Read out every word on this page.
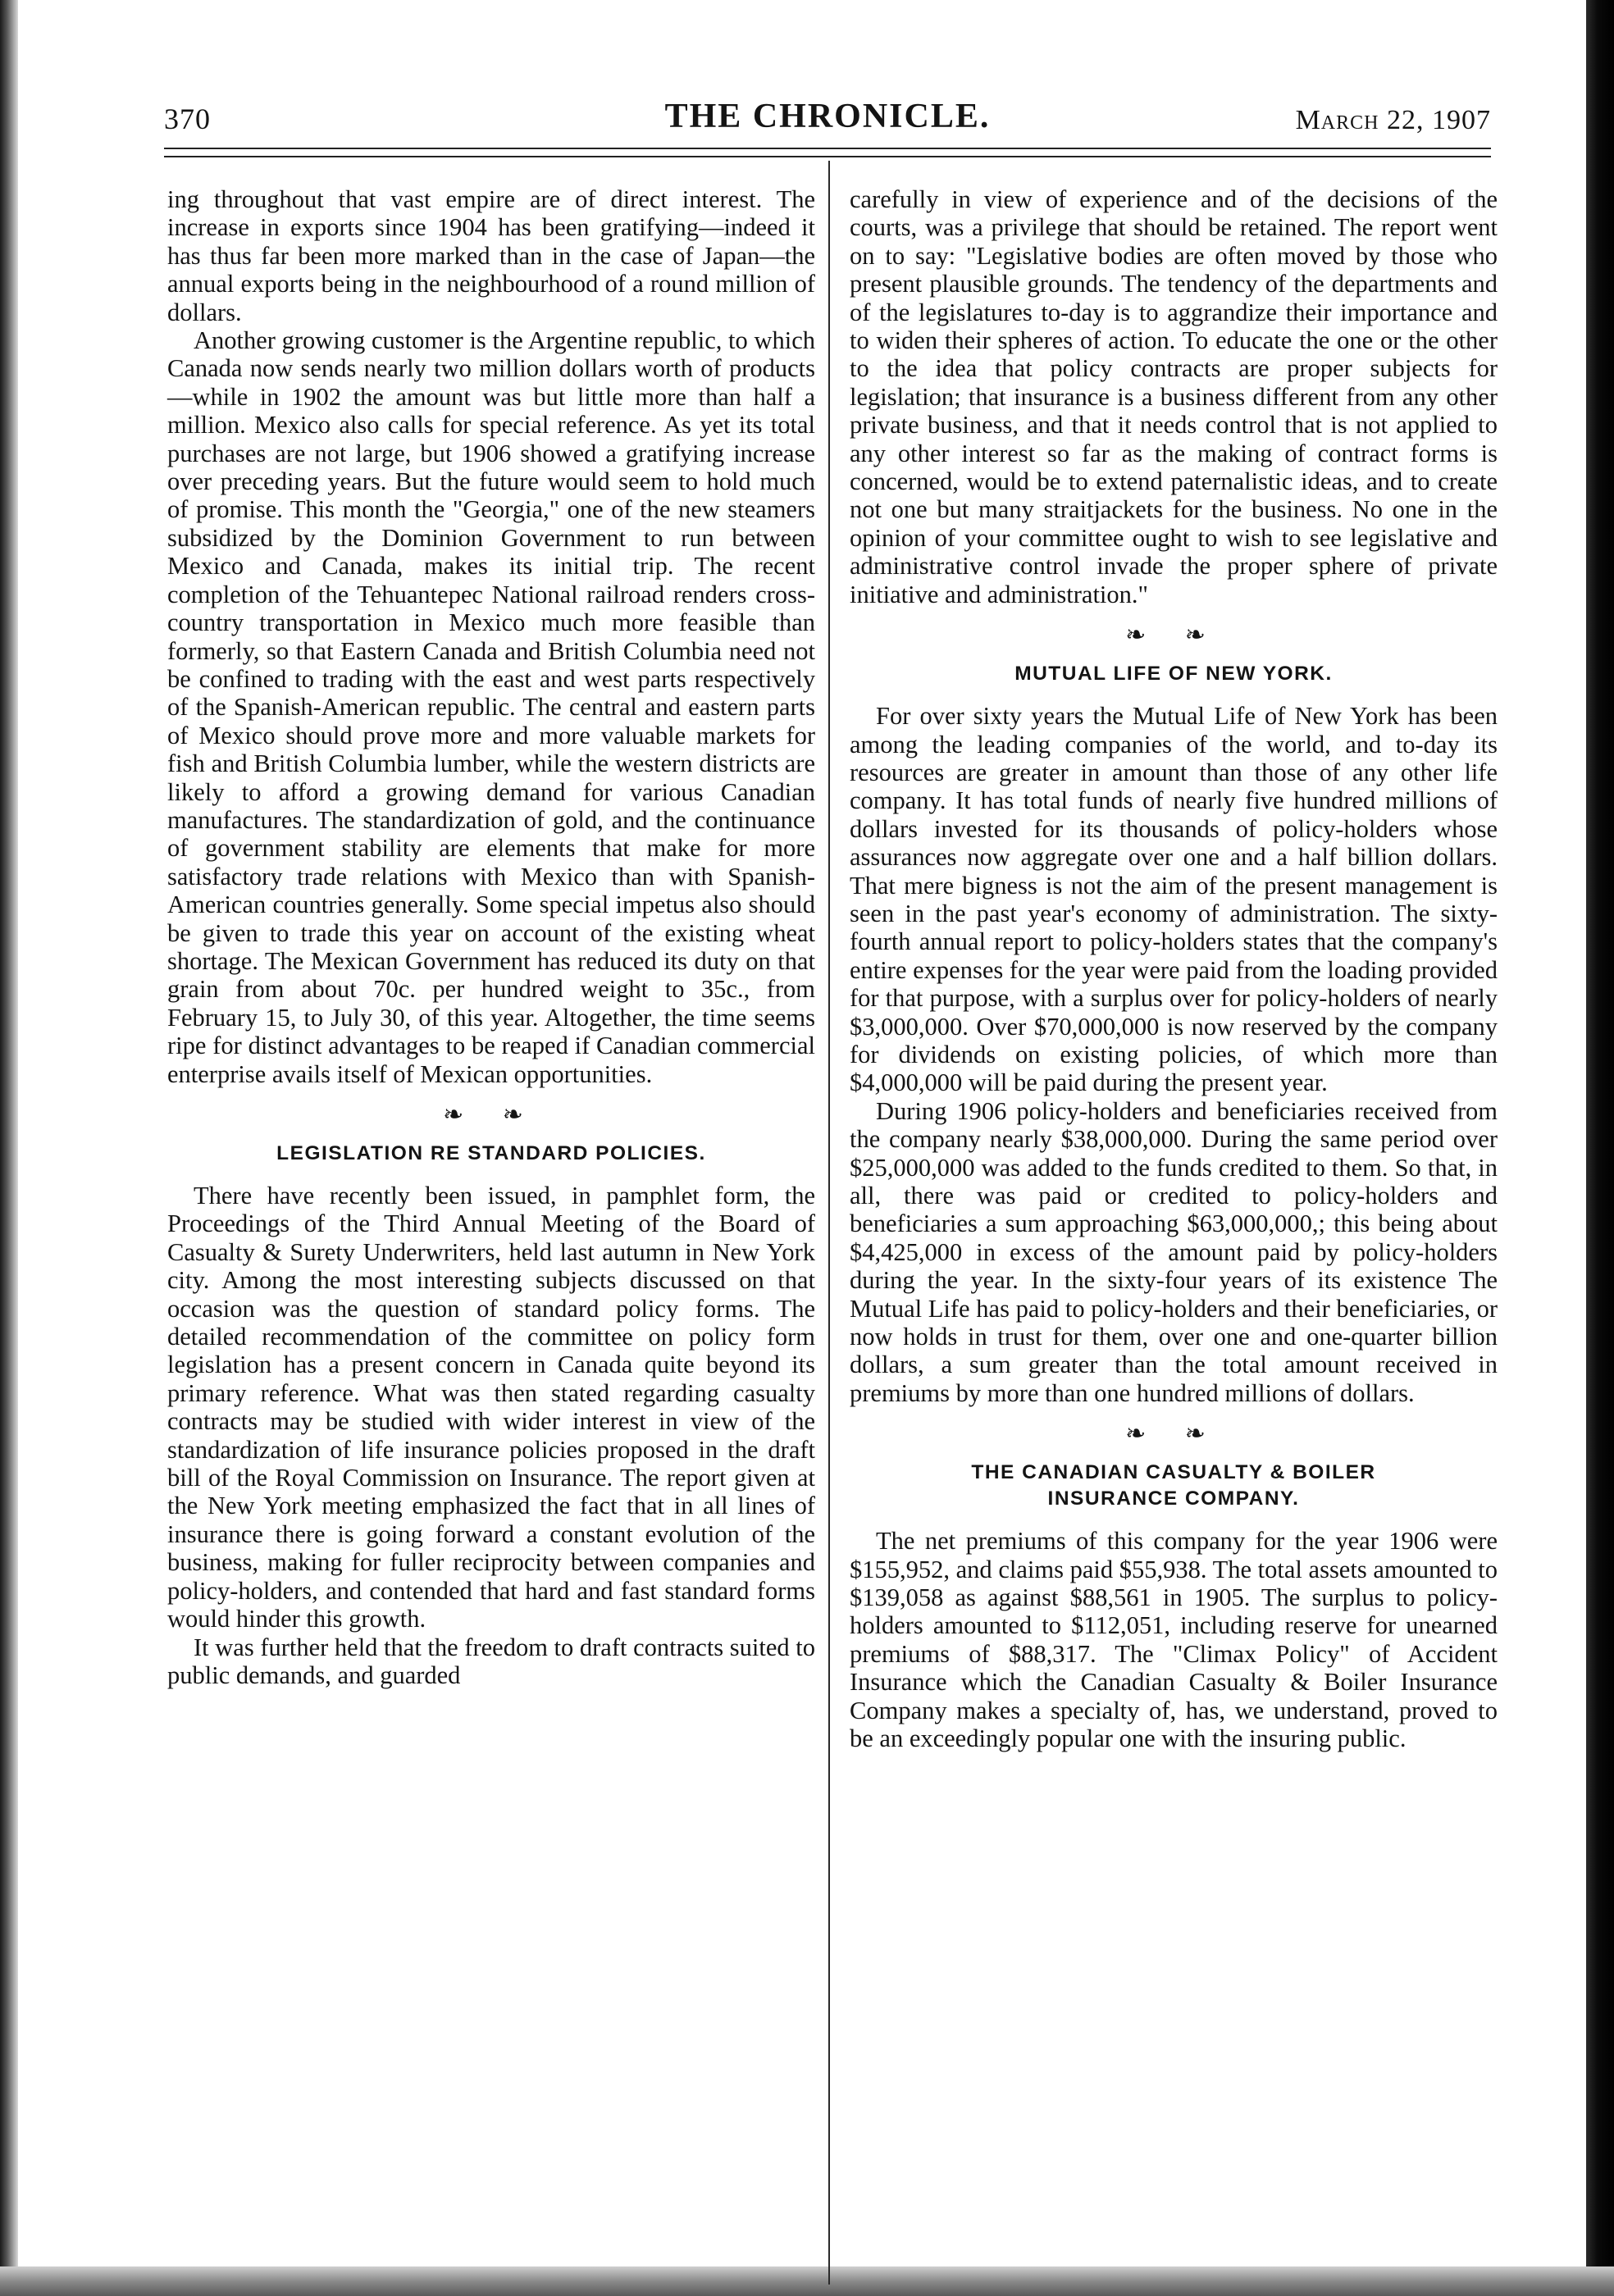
370	THE CHRONICLE.	March 22, 1907

ing throughout that vast empire are of direct interest. The increase in exports since 1904 has been gratifying—indeed it has thus far been more marked than in the case of Japan—the annual exports being in the neighbourhood of a round million of dollars.

Another growing customer is the Argentine republic, to which Canada now sends nearly two million dollars worth of products—while in 1902 the amount was but little more than half a million. Mexico also calls for special reference. As yet its total purchases are not large, but 1906 showed a gratifying increase over preceding years. But the future would seem to hold much of promise. This month the "Georgia," one of the new steamers subsidized by the Dominion Government to run between Mexico and Canada, makes its initial trip. The recent completion of the Tehuantepec National railroad renders cross-country transportation in Mexico much more feasible than formerly, so that Eastern Canada and British Columbia need not be confined to trading with the east and west parts respectively of the Spanish-American republic. The central and eastern parts of Mexico should prove more and more valuable markets for fish and British Columbia lumber, while the western districts are likely to afford a growing demand for various Canadian manufactures. The standardization of gold, and the continuance of government stability are elements that make for more satisfactory trade relations with Mexico than with Spanish-American countries generally. Some special impetus also should be given to trade this year on account of the existing wheat shortage. The Mexican Government has reduced its duty on that grain from about 70c. per hundred weight to 35c., from February 15, to July 30, of this year. Altogether, the time seems ripe for distinct advantages to be reaped if Canadian commercial enterprise avails itself of Mexican opportunities.

❧ ❧
LEGISLATION RE STANDARD POLICIES.

There have recently been issued, in pamphlet form, the Proceedings of the Third Annual Meeting of the Board of Casualty & Surety Underwriters, held last autumn in New York city. Among the most interesting subjects discussed on that occasion was the question of standard policy forms. The detailed recommendation of the committee on policy form legislation has a present concern in Canada quite beyond its primary reference. What was then stated regarding casualty contracts may be studied with wider interest in view of the standardization of life insurance policies proposed in the draft bill of the Royal Commission on Insurance. The report given at the New York meeting emphasized the fact that in all lines of insurance there is going forward a constant evolution of the business, making for fuller reciprocity between companies and policy-holders, and contended that hard and fast standard forms would hinder this growth.

It was further held that the freedom to draft contracts suited to public demands, and guarded

carefully in view of experience and of the decisions of the courts, was a privilege that should be retained. The report went on to say: "Legislative bodies are often moved by those who present plausible grounds. The tendency of the departments and of the legislatures to-day is to aggrandize their importance and to widen their spheres of action. To educate the one or the other to the idea that policy contracts are proper subjects for legislation; that insurance is a business different from any other private business, and that it needs control that is not applied to any other interest so far as the making of contract forms is concerned, would be to extend paternalistic ideas, and to create not one but many straitjackets for the business. No one in the opinion of your committee ought to wish to see legislative and administrative control invade the proper sphere of private initiative and administration."

❧ ❧
MUTUAL LIFE OF NEW YORK.

For over sixty years the Mutual Life of New York has been among the leading companies of the world, and to-day its resources are greater in amount than those of any other life company. It has total funds of nearly five hundred millions of dollars invested for its thousands of policy-holders whose assurances now aggregate over one and a half billion dollars. That mere bigness is not the aim of the present management is seen in the past year's economy of administration. The sixty-fourth annual report to policy-holders states that the company's entire expenses for the year were paid from the loading provided for that purpose, with a surplus over for policy-holders of nearly $3,000,000. Over $70,000,000 is now reserved by the company for dividends on existing policies, of which more than $4,000,000 will be paid during the present year.

During 1906 policy-holders and beneficiaries received from the company nearly $38,000,000. During the same period over $25,000,000 was added to the funds credited to them. So that, in all, there was paid or credited to policy-holders and beneficiaries a sum approaching $63,000,000,; this being about $4,425,000 in excess of the amount paid by policy-holders during the year. In the sixty-four years of its existence The Mutual Life has paid to policy-holders and their beneficiaries, or now holds in trust for them, over one and one-quarter billion dollars, a sum greater than the total amount received in premiums by more than one hundred millions of dollars.

❧ ❧
THE CANADIAN CASUALTY & BOILER
INSURANCE COMPANY.

The net premiums of this company for the year 1906 were $155,952, and claims paid $55,938. The total assets amounted to $139,058 as against $88,561 in 1905. The surplus to policy-holders amounted to $112,051, including reserve for unearned premiums of $88,317. The "Climax Policy" of Accident Insurance which the Canadian Casualty & Boiler Insurance Company makes a specialty of, has, we understand, proved to be an exceedingly popular one with the insuring public.
